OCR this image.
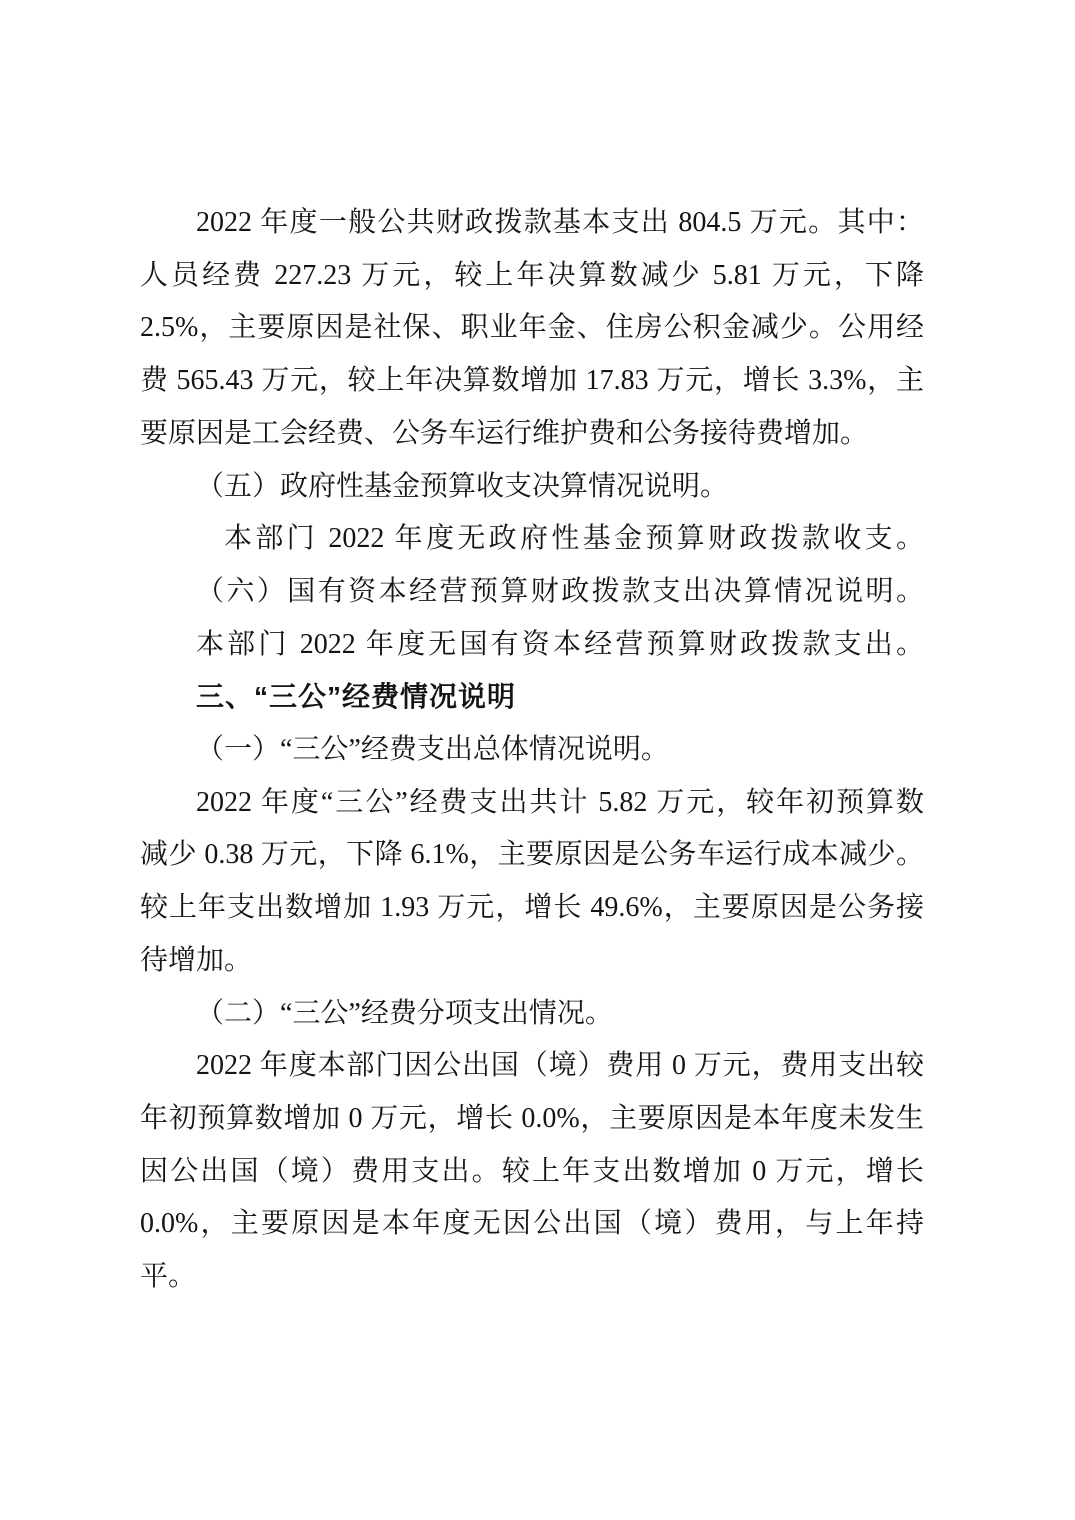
2022 年度一般公共财政拨款基本支出 804.5 万元。其中：
人员经费 227.23 万元，较上年决算数减少 5.81 万元，下降
2.5%，主要原因是社保、职业年金、住房公积金减少。公用经
费 565.43 万元，较上年决算数增加 17.83 万元，增长 3.3%，主
要原因是工会经费、公务车运行维护费和公务接待费增加。
（五）政府性基金预算收支决算情况说明。
本部门 2022 年度无政府性基金预算财政拨款收支。
（六）国有资本经营预算财政拨款支出决算情况说明。
本部门 2022 年度无国有资本经营预算财政拨款支出。
三、“三公”经费情况说明
（一）“三公”经费支出总体情况说明。
2022 年度“三公”经费支出共计 5.82 万元，较年初预算数
减少 0.38 万元，下降 6.1%，主要原因是公务车运行成本减少。
较上年支出数增加 1.93 万元，增长 49.6%，主要原因是公务接
待增加。
（二）“三公”经费分项支出情况。
2022 年度本部门因公出国（境）费用 0 万元，费用支出较
年初预算数增加 0 万元，增长 0.0%，主要原因是本年度未发生
因公出国（境）费用支出。较上年支出数增加 0 万元，增长
0.0%，主要原因是本年度无因公出国（境）费用，与上年持
平。
